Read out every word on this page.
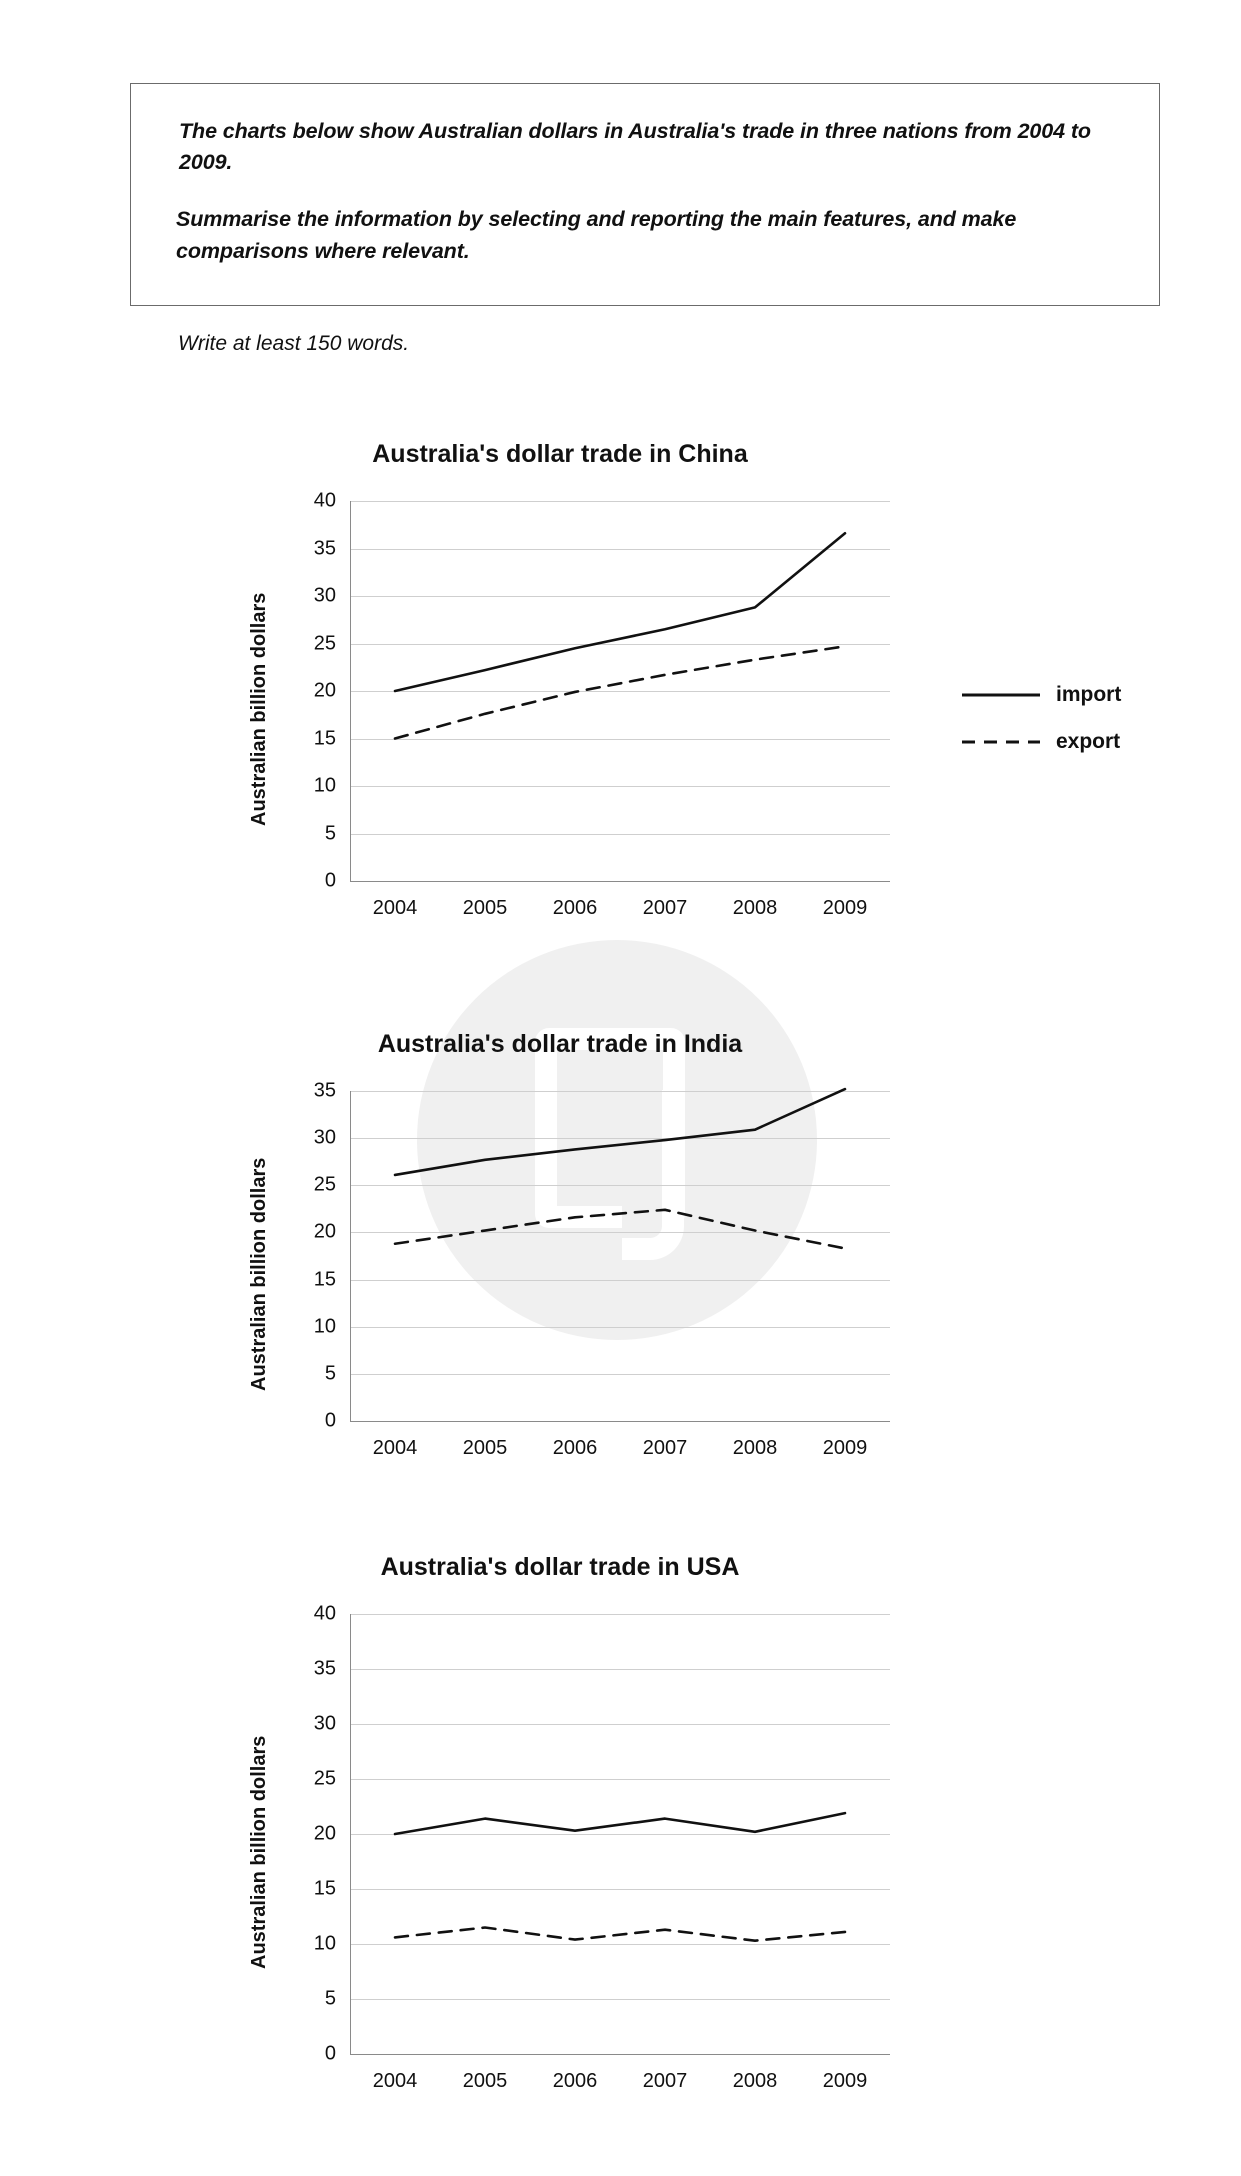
The charts below show Australian dollars in Australia's trade in three nations from 2004 to 2009.

Summarise the information by selecting and reporting the main features, and make comparisons where relevant.

Write at least 150 words.
Australia's dollar trade in China
Australian billion dollars
0
5
10
15
20
25
30
35
40
2004 2005 2006 2007 2008 2009
Australia's dollar trade in India
Australian billion dollars
0
5
10
15
20
25
30
35
2004 2005 2006 2007 2008 2009
Australia's dollar trade in USA
Australian billion dollars
0
5
10
15
20
25
30
35
40
2004 2005 2006 2007 2008 2009
import
export
